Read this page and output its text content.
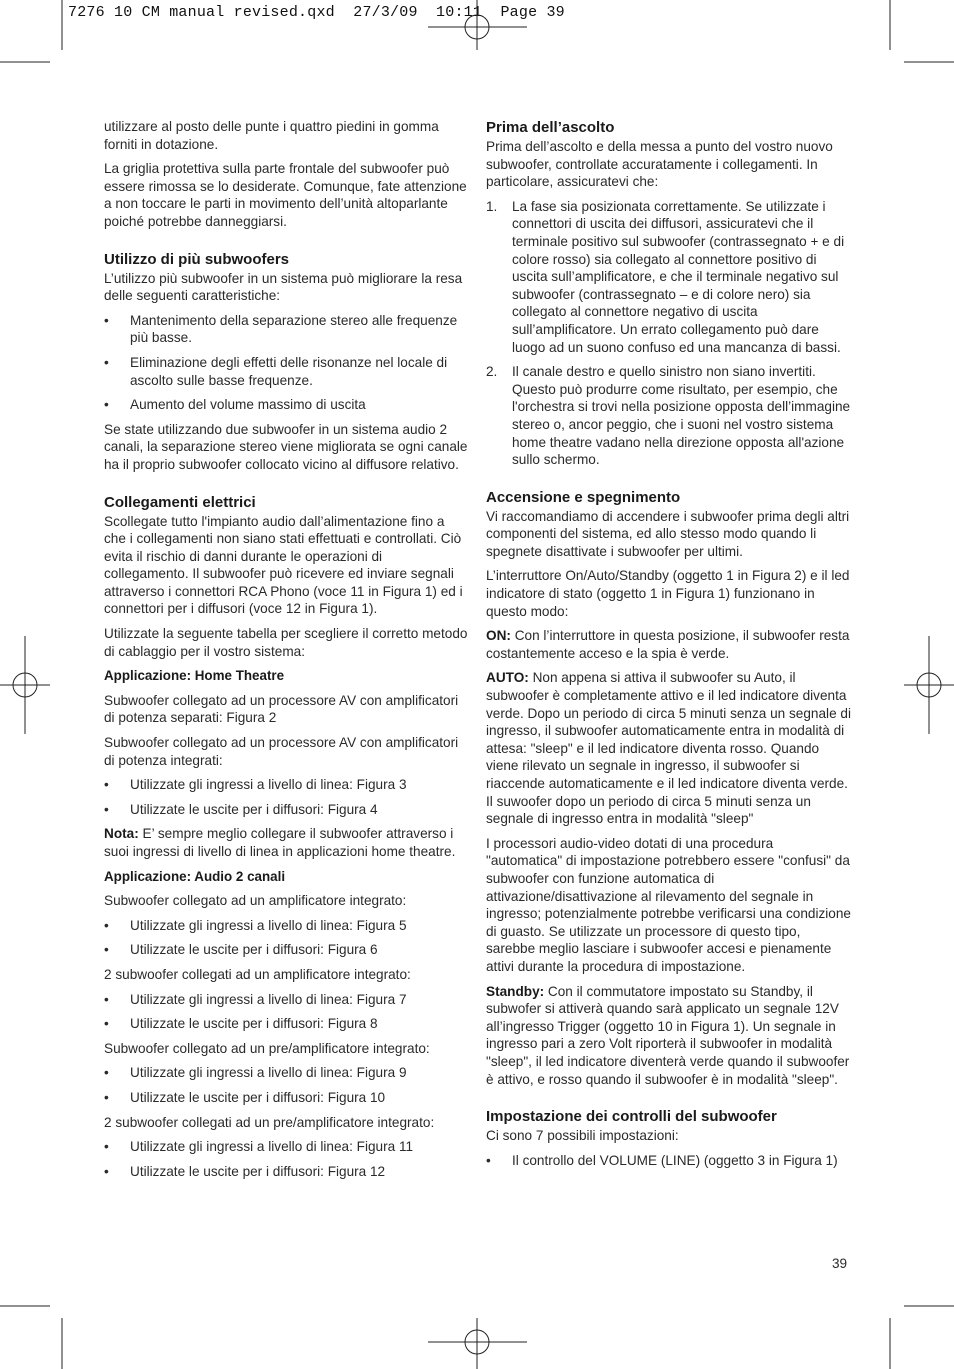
7276 10 CM manual revised.qxd  27/3/09  10:11  Page 39

utilizzare al posto delle punte i quattro piedini in gomma forniti in dotazione.

La griglia protettiva sulla parte frontale del subwoofer può essere rimossa se lo desiderate. Comunque, fate attenzione a non toccare le parti in movimento dell’unità altoparlante poiché potrebbe danneggiarsi.

Utilizzo di più subwoofers

L’utilizzo più subwoofer in un sistema può migliorare la resa delle seguenti caratteristiche:

• Mantenimento della separazione stereo alle frequenze più basse.
• Eliminazione degli effetti delle risonanze nel locale di ascolto sulle basse frequenze.
• Aumento del volume massimo di uscita

Se state utilizzando due subwoofer in un sistema audio 2 canali, la separazione stereo viene migliorata se ogni canale ha il proprio subwoofer collocato vicino al diffusore relativo.

Collegamenti elettrici

Scollegate tutto l'impianto audio dall’alimentazione fino a che i collegamenti non siano stati effettuati e controllati. Ciò evita il rischio di danni durante le operazioni di collegamento. Il subwoofer può ricevere ed inviare segnali attraverso i connettori RCA Phono (voce 11 in Figura 1) ed i connettori per i diffusori (voce 12 in Figura 1).

Utilizzate la seguente tabella per scegliere il corretto metodo di cablaggio per il vostro sistema:

Applicazione: Home Theatre

Subwoofer collegato ad un processore AV con amplificatori di potenza separati: Figura 2

Subwoofer collegato ad un processore AV con amplificatori di potenza integrati:

• Utilizzate gli ingressi a livello di linea: Figura 3
• Utilizzate le uscite per i diffusori: Figura 4

Nota: E’ sempre meglio collegare il subwoofer attraverso i suoi ingressi di livello di linea in applicazioni home theatre.

Applicazione: Audio 2 canali

Subwoofer collegato ad un amplificatore integrato:

• Utilizzate gli ingressi a livello di linea: Figura 5
• Utilizzate le uscite per i diffusori: Figura 6

2 subwoofer collegati ad un amplificatore integrato:

• Utilizzate gli ingressi a livello di linea: Figura 7
• Utilizzate le uscite per i diffusori: Figura 8

Subwoofer collegato ad un pre/amplificatore integrato:

• Utilizzate gli ingressi a livello di linea: Figura 9
• Utilizzate le uscite per i diffusori: Figura 10

2 subwoofer collegati ad un pre/amplificatore integrato:

• Utilizzate gli ingressi a livello di linea: Figura 11
• Utilizzate le uscite per i diffusori: Figura 12
Prima dell’ascolto

Prima dell’ascolto e della messa a punto del vostro nuovo subwoofer, controllate accuratamente i collegamenti. In particolare, assicuratevi che:

1. La fase sia posizionata correttamente. Se utilizzate i connettori di uscita dei diffusori, assicuratevi che il terminale positivo sul subwoofer (contrassegnato + e di colore rosso) sia collegato al connettore positivo di uscita sull’amplificatore, e che il terminale negativo sul subwoofer (contrassegnato – e di colore nero) sia collegato al connettore negativo di uscita sull’amplificatore. Un errato collegamento può dare luogo ad un suono confuso ed una mancanza di bassi.
2. Il canale destro e quello sinistro non siano invertiti. Questo può produrre come risultato, per esempio, che l'orchestra si trovi nella posizione opposta dell’immagine stereo o, ancor peggio, che i suoni nel vostro sistema home theatre vadano nella direzione opposta all'azione sullo schermo.
Accensione e spegnimento

Vi raccomandiamo di accendere i subwoofer prima degli altri componenti del sistema, ed allo stesso modo quando li spegnete disattivate i subwoofer per ultimi.

L’interruttore On/Auto/Standby (oggetto 1 in Figura 2) e il led indicatore di stato (oggetto 1 in Figura 1) funzionano in questo modo:

ON: Con l’interruttore in questa posizione, il subwoofer resta costantemente acceso e la spia è verde.

AUTO: Non appena si attiva il subwoofer su Auto, il subwoofer è completamente attivo e il led indicatore diventa verde. Dopo un periodo di circa 5 minuti senza un segnale di ingresso, il subwoofer automaticamente entra in modalità di attesa: "sleep" e il led indicatore diventa rosso. Quando viene rilevato un segnale in ingresso, il subwoofer si riaccende automaticamente e il led indicatore diventa verde. Il suwoofer dopo un periodo di circa 5 minuti senza un segnale di ingresso entra in modalità "sleep"

I processori audio-video dotati di una procedura "automatica" di impostazione potrebbero essere "confusi" da subwoofer con funzione automatica di attivazione/disattivazione al rilevamento del segnale in ingresso; potenzialmente potrebbe verificarsi una condizione di guasto. Se utilizzate un processore di questo tipo, sarebbe meglio lasciare i subwoofer accesi e pienamente attivi durante la procedura di impostazione.

Standby: Con il commutatore impostato su Standby, il subwofer si attiverà quando sarà applicato un segnale 12V all’ingresso Trigger (oggetto 10 in Figura 1). Un segnale in ingresso pari a zero Volt riporterà il subwoofer in modalità "sleep", il led indicatore diventerà verde quando il subwoofer è attivo, e rosso quando il subwoofer è in modalità "sleep".

Impostazione dei controlli del subwoofer

Ci sono 7 possibili impostazioni:

• Il controllo del VOLUME (LINE) (oggetto 3 in Figura 1)
39
